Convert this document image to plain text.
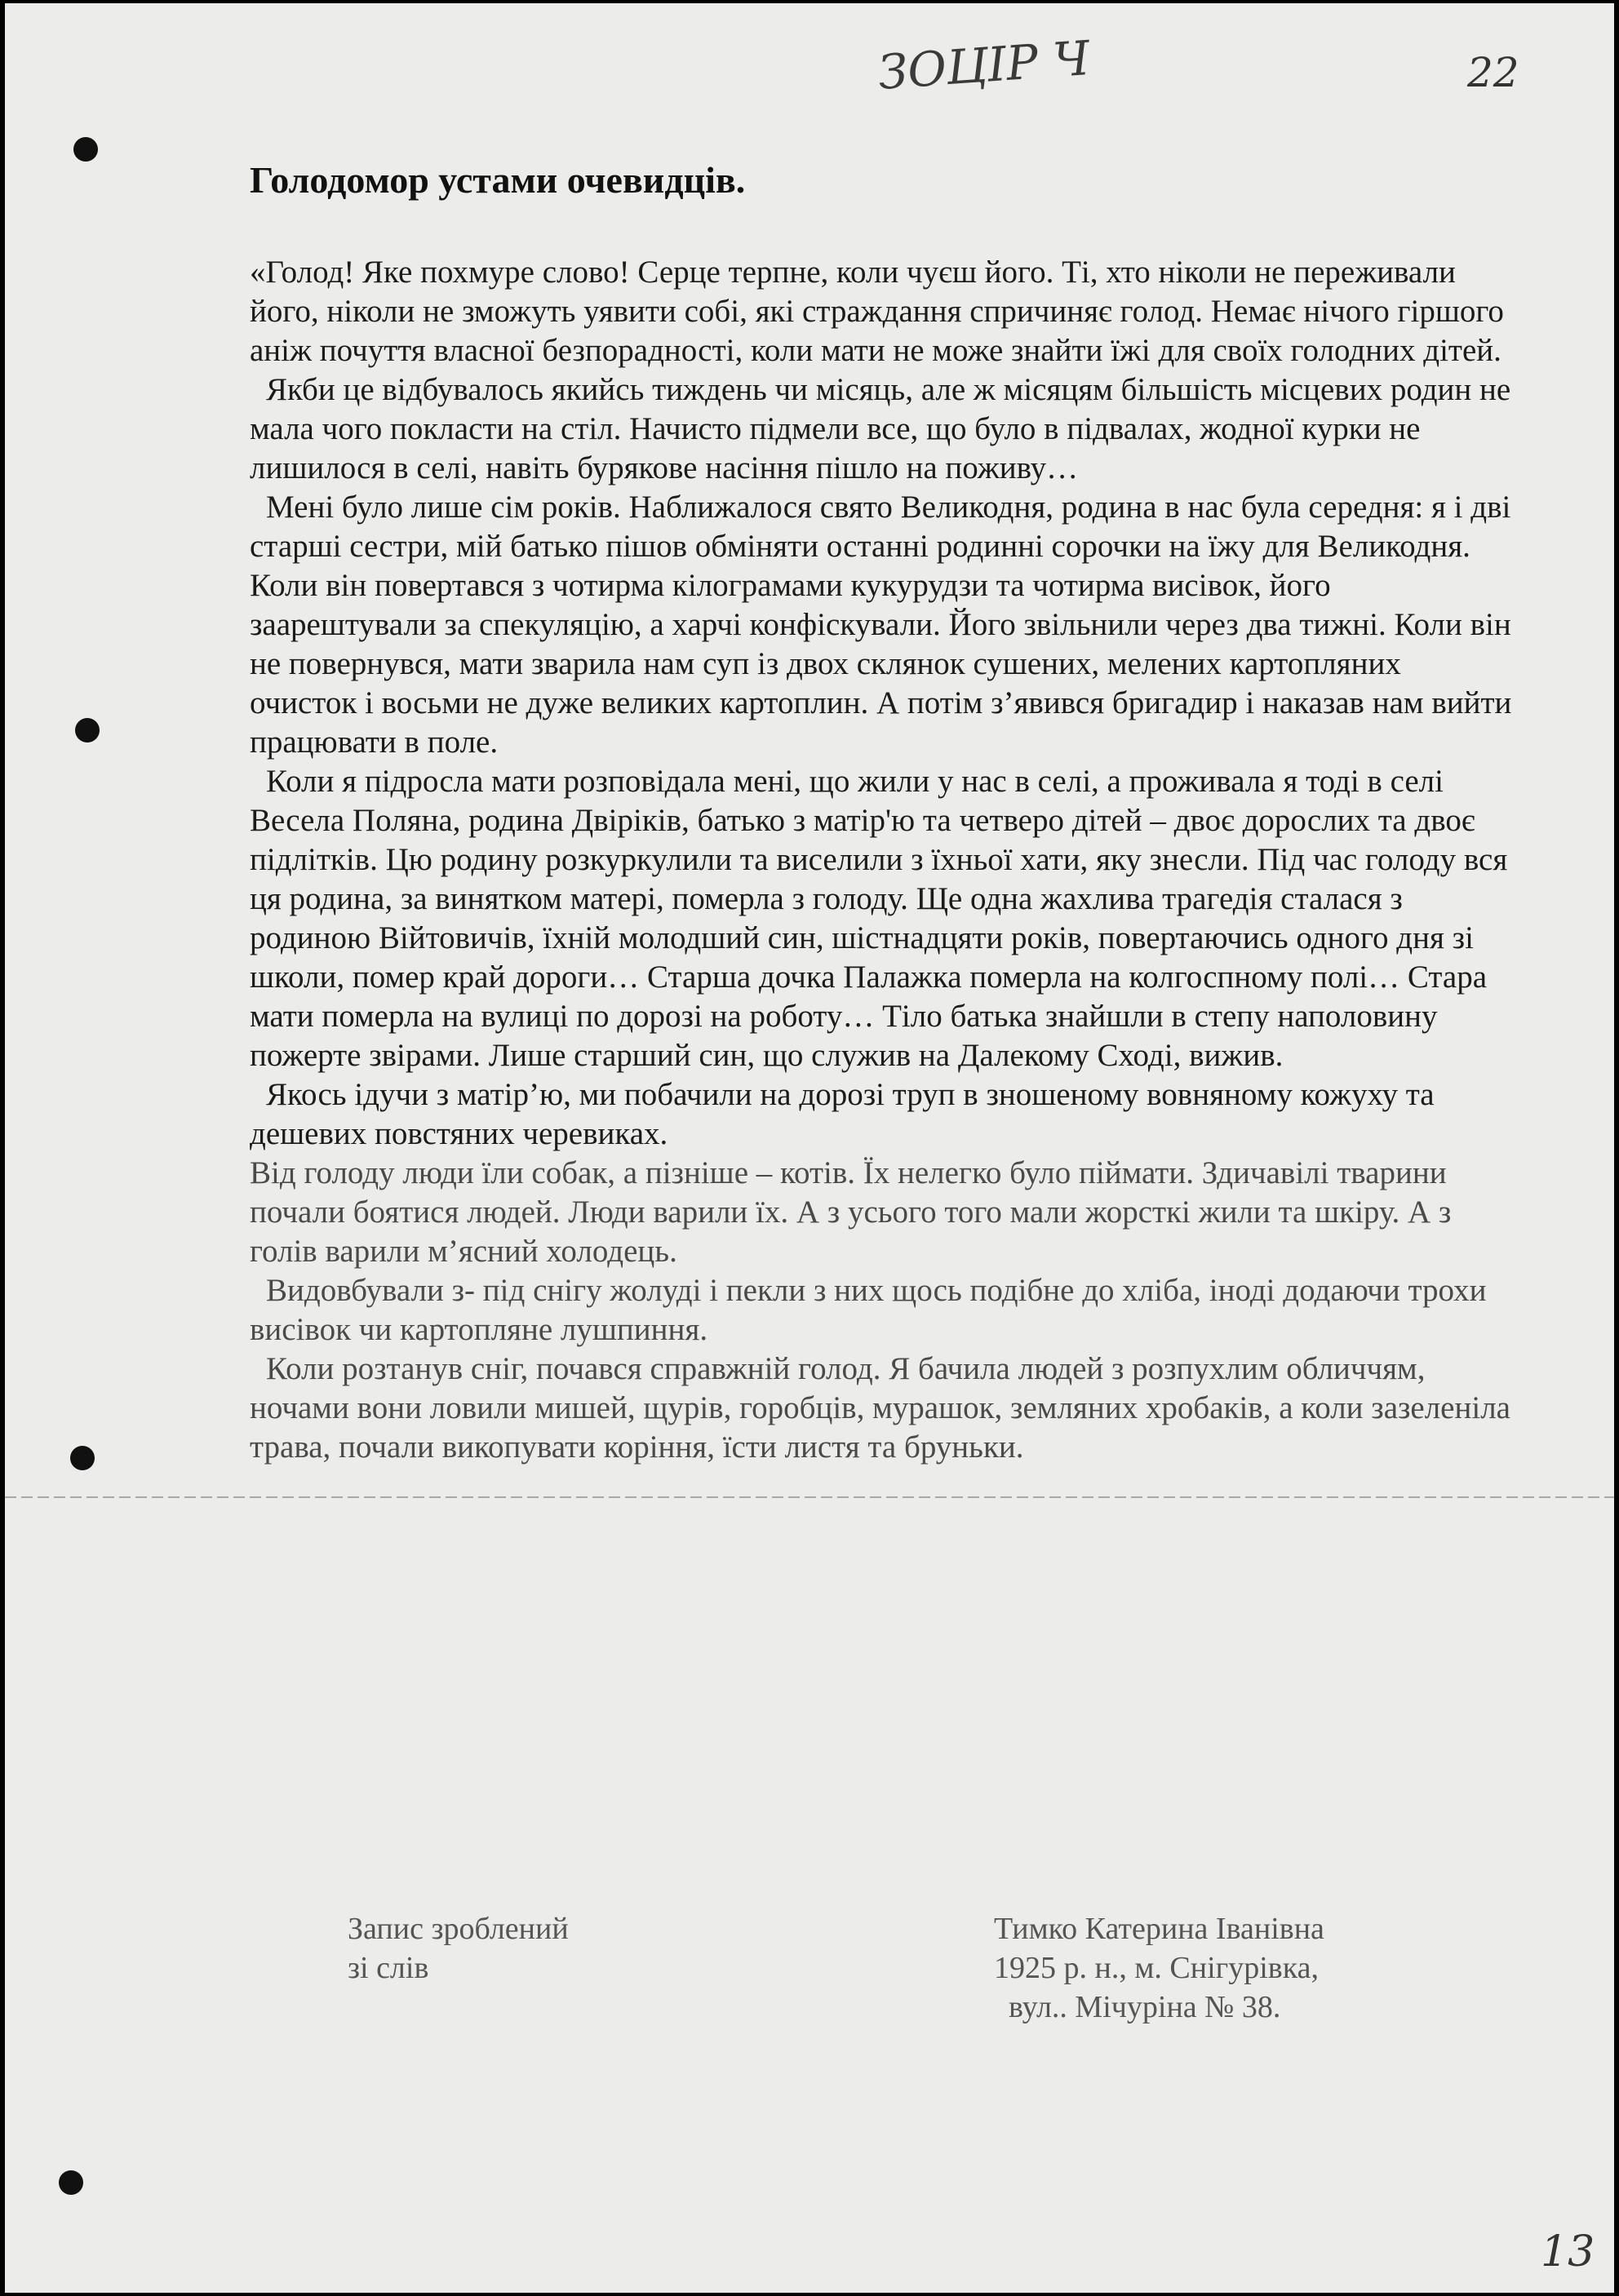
ЗОЦІР Ч	22
13
Голодомор устами очевидців.

«Голод! Яке похмуре слово! Серце терпне, коли чуєш його. Ті, хто ніколи не переживали його, ніколи не зможуть уявити собі, які страждання спричиняє голод. Немає нічого гіршого аніж почуття власної безпорадності, коли мати не може знайти їжі для своїх голодних дітей.

Якби це відбувалось якийсь тиждень чи місяць, але ж місяцям більшість місцевих родин не мала чого покласти на стіл. Начисто підмели все, що було в підвалах, жодної курки не лишилося в селі, навіть бурякове насіння пішло на поживу…

Мені було лише сім років. Наближалося свято Великодня, родина в нас була середня: я і дві старші сестри, мій батько пішов обміняти останні родинні сорочки на їжу для Великодня. Коли він повертався з чотирма кілограмами кукурудзи та чотирма висівок, його заарештували за спекуляцію, а харчі конфіскували. Його звільнили через два тижні. Коли він не повернувся, мати зварила нам суп із двох склянок сушених, мелених картопляних очисток і восьми не дуже великих картоплин. А потім з’явився бригадир і наказав нам вийти працювати в поле.

Коли я підросла мати розповідала мені, що жили у нас в селі, а проживала я тоді в селі Весела Поляна, родина Двіріків, батько з матір'ю та четверо дітей – двоє дорослих та двоє підлітків. Цю родину розкуркулили та виселили з їхньої хати, яку знесли. Під час голоду вся ця родина, за винятком матері, померла з голоду. Ще одна жахлива трагедія сталася з родиною Війтовичів, їхній молодший син, шістнадцяти років, повертаючись одного дня зі школи, помер край дороги… Старша дочка Палажка померла на колгоспному полі… Стара мати померла на вулиці по дорозі на роботу… Тіло батька знайшли в степу наполовину пожерте звірами. Лише старший син, що служив на Далекому Сході, вижив.

Якось ідучи з матір’ю, ми побачили на дорозі труп в зношеному вовняному кожуху та дешевих повстяних черевиках.

Від голоду люди їли собак, а пізніше – котів. Їх нелегко було піймати. Здичавілі тварини почали боятися людей. Люди варили їх. А з усього того мали жорсткі жили та шкіру. А з голів варили м’ясний холодець.

Видовбували з- під снігу жолуді і пекли з них щось подібне до хліба, іноді додаючи трохи висівок чи картопляне лушпиння.

Коли розтанув сніг, почався справжній голод. Я бачила людей з розпухлим обличчям, ночами вони ловили мишей, щурів, горобців, мурашок, земляних хробаків, а коли зазеленіла трава, почали викопувати коріння, їсти листя та бруньки.

Запис зроблений
зі слів
Тимко Катерина Іванівна
1925 р. н., м. Снігурівка,
вул.. Мічуріна № 38.
